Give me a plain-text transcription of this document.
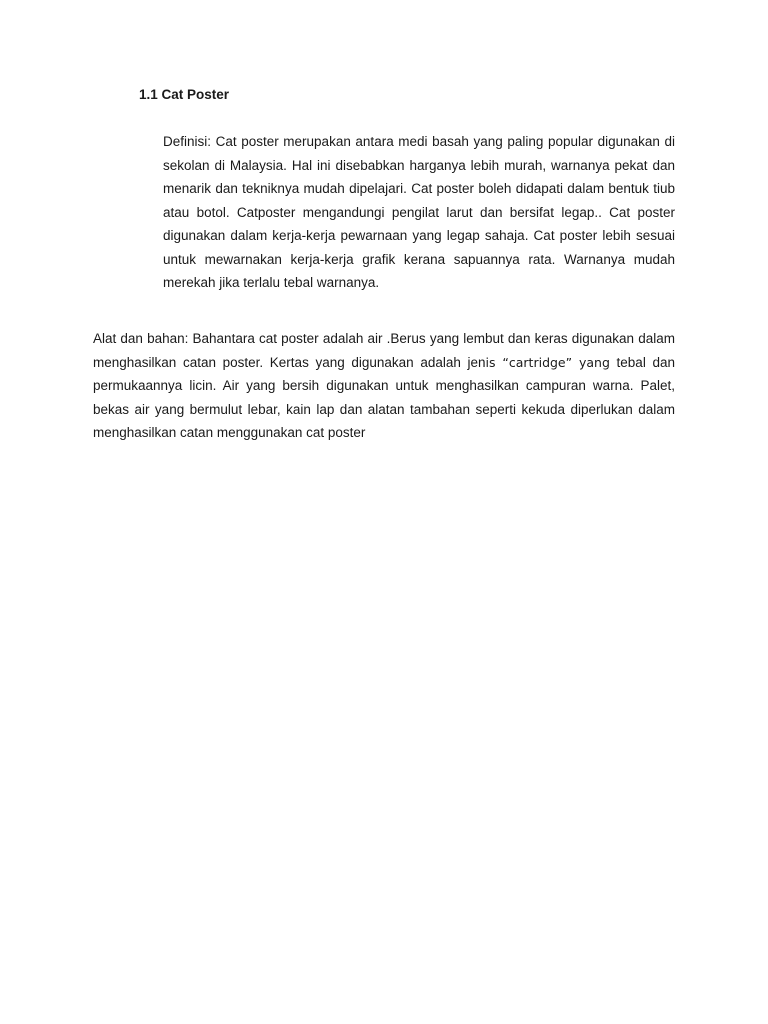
1.1 Cat Poster

Definisi: Cat poster merupakan antara medi basah yang paling popular digunakan di sekolan di Malaysia. Hal ini disebabkan harganya lebih murah, warnanya pekat dan menarik dan tekniknya mudah dipelajari. Cat poster boleh didapati dalam bentuk tiub atau botol. Catposter mengandungi pengilat larut dan bersifat legap.. Cat poster digunakan dalam kerja-kerja pewarnaan yang legap sahaja. Cat poster lebih sesuai untuk mewarnakan kerja-kerja grafik kerana sapuannya rata. Warnanya mudah merekah jika terlalu tebal warnanya.

Alat dan bahan: Bahantara cat poster adalah air .Berus yang lembut dan keras digunakan dalam menghasilkan catan poster. Kertas yang digunakan adalah jenis “cartridge” yang tebal dan permukaannya licin. Air yang bersih digunakan untuk menghasilkan campuran warna. Palet, bekas air yang bermulut lebar, kain lap dan alatan tambahan seperti kekuda diperlukan dalam menghasilkan catan menggunakan cat poster
